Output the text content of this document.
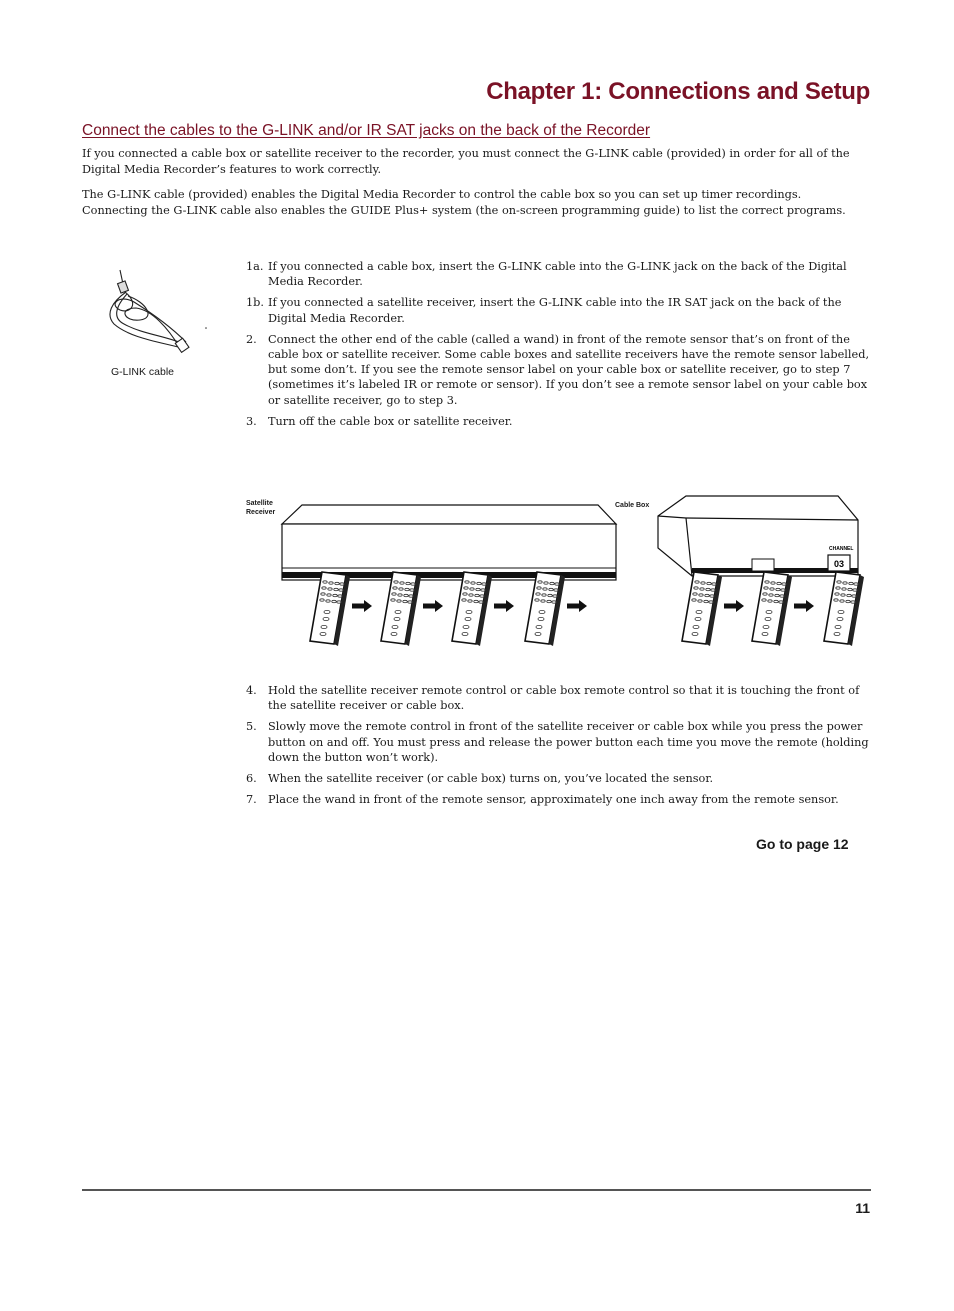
Chapter 1: Connections and Setup
Connect the cables to the G-LINK and/or IR SAT jacks on the back of the Recorder

If you connected a cable box or satellite receiver to the recorder, you must connect the G-LINK cable (provided) in order for all of the Digital Media Recorder’s features to work correctly.

The G-LINK cable (provided) enables the Digital Media Recorder to control the cable box so you can set up timer recordings. Connecting the G-LINK cable also enables the GUIDE Plus+ system (the on-screen programming guide) to list the correct programs.

G-LINK cable
1a. If you connected a cable box, insert the G-LINK cable into the G-LINK jack on the back of the Digital Media Recorder.
1b. If you connected a satellite receiver, insert the G-LINK cable into the IR SAT jack on the back of the Digital Media Recorder.
2. Connect the other end of the cable (called a wand) in front of the remote sensor that’s on front of the cable box or satellite receiver. Some cable boxes and satellite receivers have the remote sensor labelled, but some don’t. If you see the remote sensor label on your cable box or satellite receiver, go to step 7 (sometimes it’s labeled IR or remote or sensor). If you don’t see a remote sensor label on your cable box or satellite receiver, go to step 3.
3. Turn off the cable box or satellite receiver.
Satellite
Receiver
Cable Box
CHANNEL
03
4. Hold the satellite receiver remote control or cable box remote control so that it is touching the front of the satellite receiver or cable box.
5. Slowly move the remote control in front of the satellite receiver or cable box while you press the power button on and off. You must press and release the power button each time you move the remote (holding down the button won’t work).
6. When the satellite receiver (or cable box) turns on, you’ve located the sensor.
7. Place the wand in front of the remote sensor, approximately one inch away from the remote sensor.
Go to page 12
11
